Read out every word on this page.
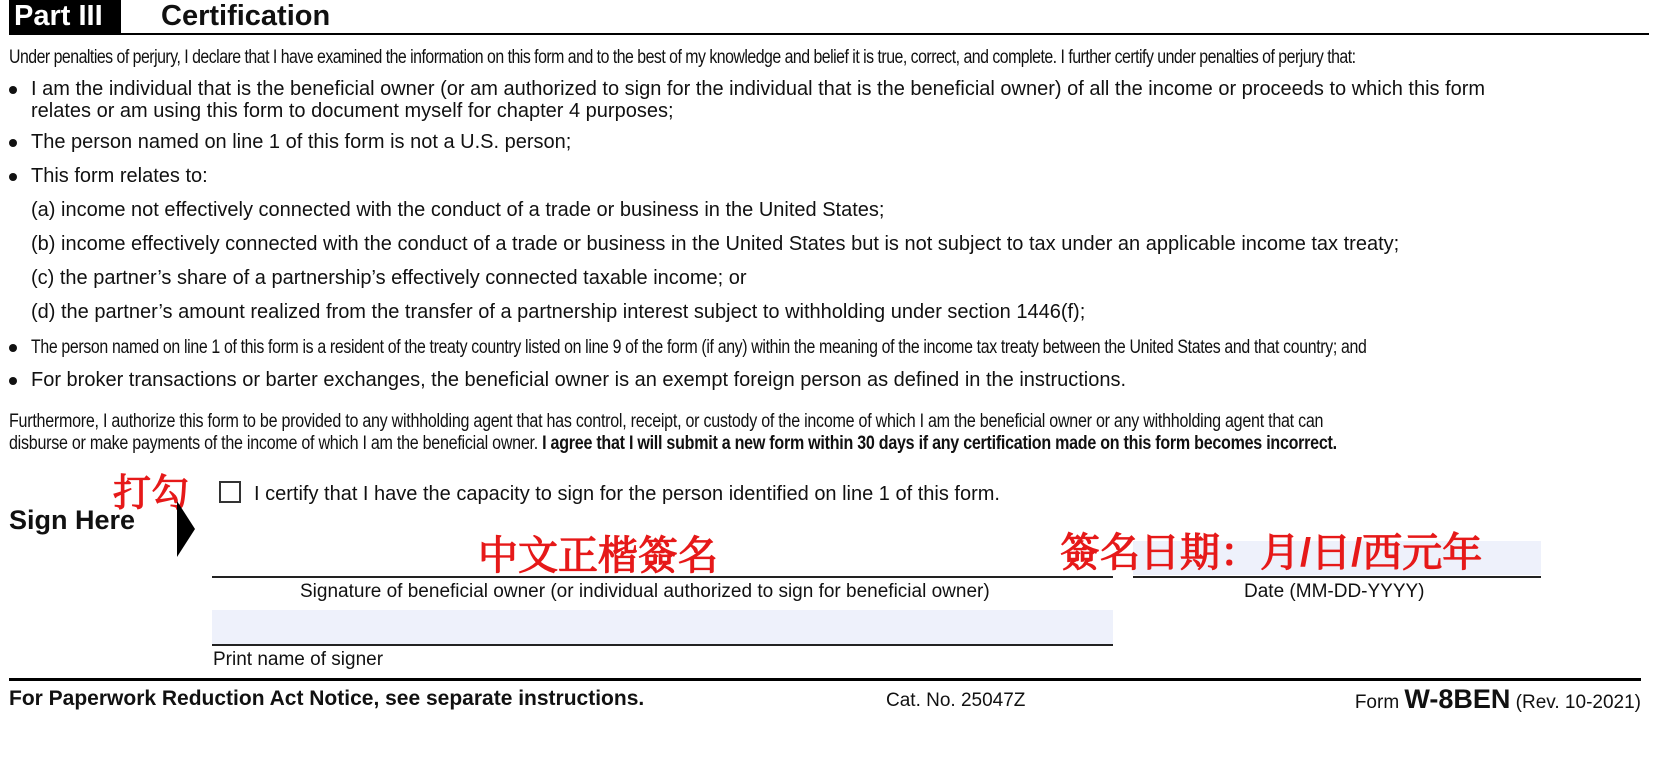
Part III	Certification
Under penalties of perjury, I declare that I have examined the information on this form and to the best of my knowledge and belief it is true, correct, and complete. I further certify under penalties of perjury that:
I am the individual that is the beneficial owner (or am authorized to sign for the individual that is the beneficial owner) of all the income or proceeds to which this form
relates or am using this form to document myself for chapter 4 purposes;
The person named on line 1 of this form is not a U.S. person;
This form relates to:
(a) income not effectively connected with the conduct of a trade or business in the United States;
(b) income effectively connected with the conduct of a trade or business in the United States but is not subject to tax under an applicable income tax treaty;
(c) the partner’s share of a partnership’s effectively connected taxable income; or
(d) the partner’s amount realized from the transfer of a partnership interest subject to withholding under section 1446(f);
The person named on line 1 of this form is a resident of the treaty country listed on line 9 of the form (if any) within the meaning of the income tax treaty between the United States and that country; and
For broker transactions or barter exchanges, the beneficial owner is an exempt foreign person as defined in the instructions.
Furthermore, I authorize this form to be provided to any withholding agent that has control, receipt, or custody of the income of which I am the beneficial owner or any withholding agent that can
disburse or make payments of the income of which I am the beneficial owner. I agree that I will submit a new form within 30 days if any certification made on this form becomes incorrect.
打勾	I certify that I have the capacity to sign for the person identified on line 1 of this form.
Sign Here
中文正楷簽名	簽名日期：月/日/西元年
Signature of beneficial owner (or individual authorized to sign for beneficial owner)	Date (MM-DD-YYYY)
Print name of signer
For Paperwork Reduction Act Notice, see separate instructions.	Cat. No. 25047Z	Form W-8BEN (Rev. 10-2021)
